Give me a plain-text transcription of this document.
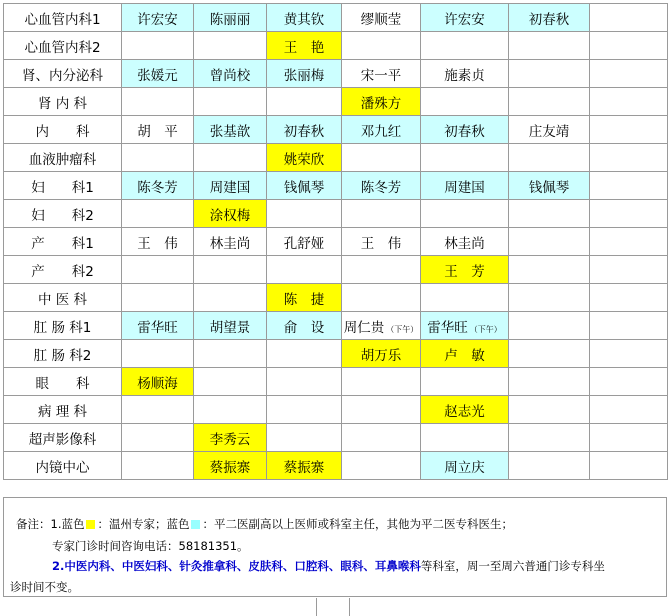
心血管内科1	许宏安	陈丽丽	黄其钦	缪顺莹	许宏安	初春秋	
心血管内科2			王　艳				
肾、内分泌科	张媛元	曾尚校	张丽梅	宋一平	施素贞		
肾 内 科				潘殊方			
内　　科	胡　平	张基歆	初春秋	邓九红	初春秋	庄友靖	
血液肿瘤科			姚荣欣				
妇　　科1	陈冬芳	周建国	钱佩琴	陈冬芳	周建国	钱佩琴	
妇　　科2		涂权梅					
产　　科1	王　伟	林圭尚	孔舒娅	王　伟	林圭尚		
产　　科2					王　芳		
中 医 科			陈　捷				
肛 肠 科1	雷华旺	胡望景	俞　设	周仁贵 （下午）	雷华旺 （下午）		
肛 肠 科2				胡万乐	卢　敏		
眼　　科	杨顺海						
病 理 科					赵志光		
超声影像科		李秀云					
内镜中心		蔡振寨	蔡振寨		周立庆		
备注：1.蓝色 ：温州专家；蓝色 ：平二医副高以上医师或科室主任，其他为平二医专科医生；
专家门诊时间咨询电话：58181351。
2.中医内科、中医妇科、针灸推拿科、皮肤科、口腔科、眼科、耳鼻喉科等科室，周一至周六普通门诊专科坐
诊时间不变。
